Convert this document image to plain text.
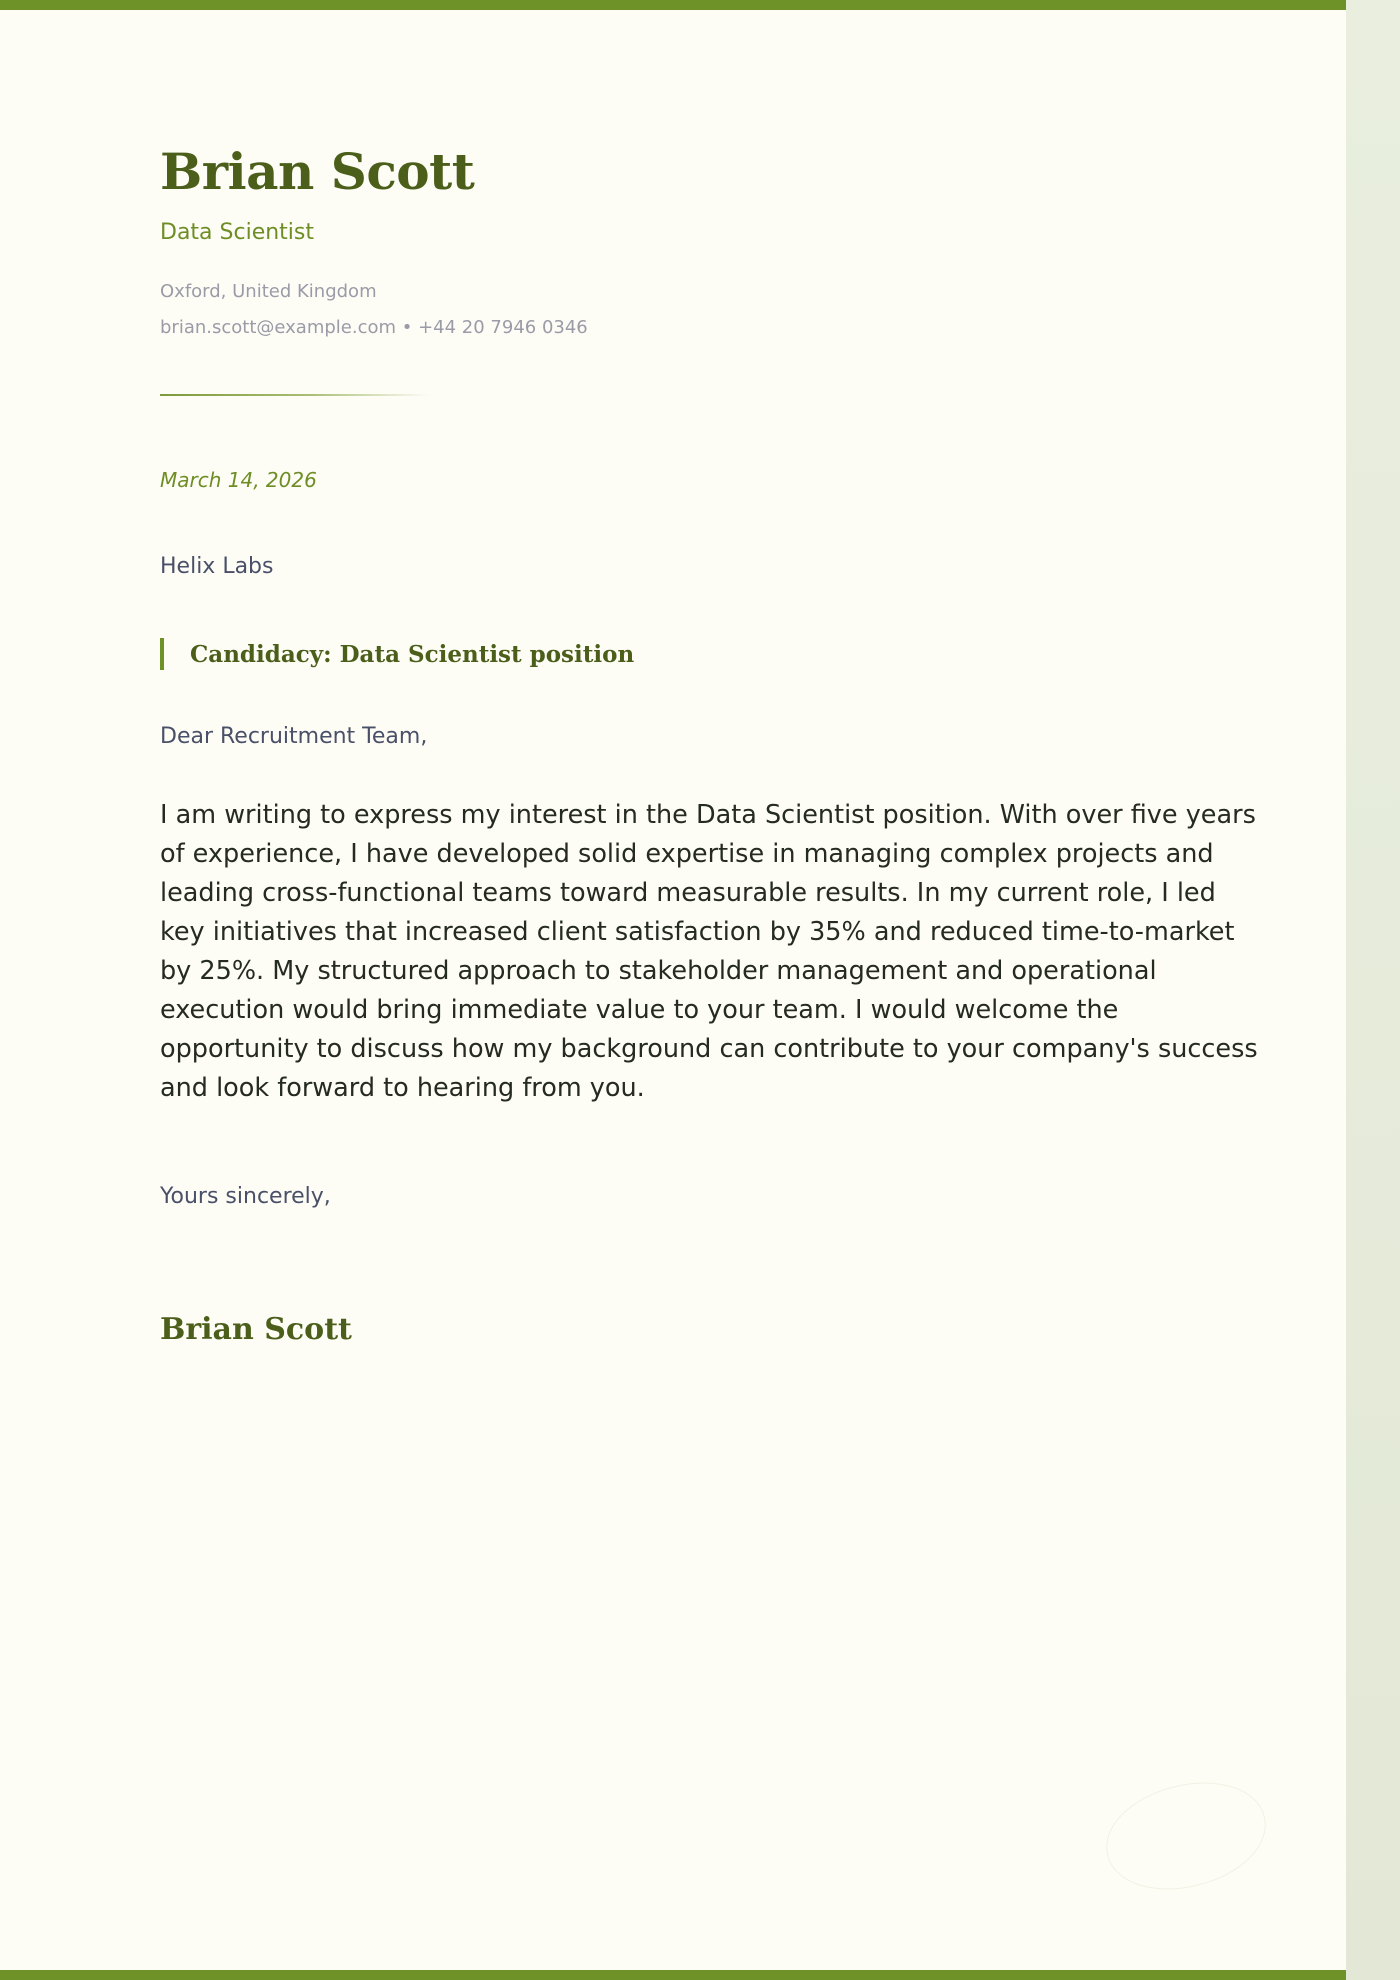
Brian Scott
Data Scientist
Oxford, United Kingdom
brian.scott@example.com • +44 20 7946 0346
March 14, 2026
Helix Labs
Candidacy: Data Scientist position
Dear Recruitment Team,

I am writing to express my interest in the Data Scientist position. With over five years of experience, I have developed solid expertise in managing complex projects and leading cross-functional teams toward measurable results. In my current role, I led key initiatives that increased client satisfaction by 35% and reduced time-to-market by 25%. My structured approach to stakeholder management and operational execution would bring immediate value to your team. I would welcome the opportunity to discuss how my background can contribute to your company's success and look forward to hearing from you.

Yours sincerely,
Brian Scott
